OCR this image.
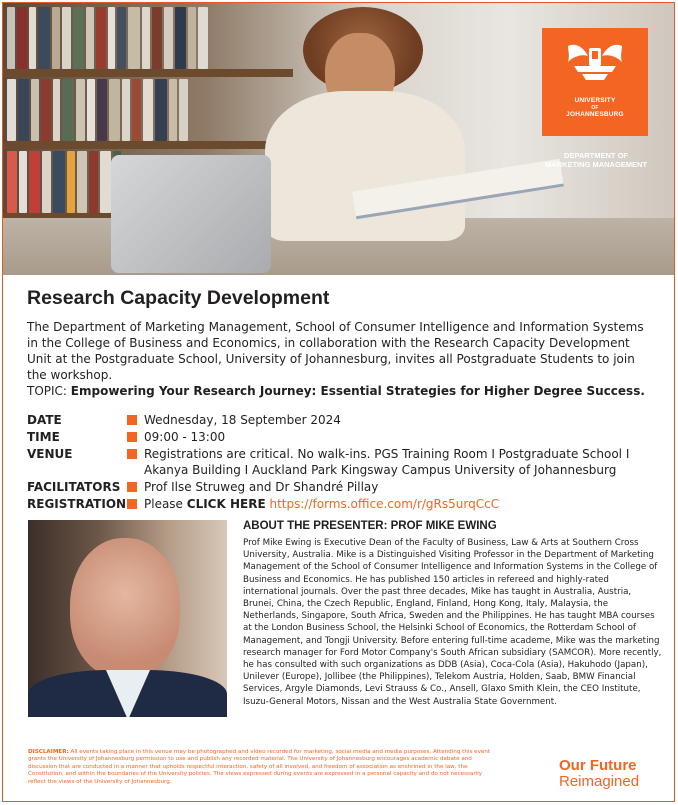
UNIVERSITY
OF
JOHANNESBURG
DEPARTMENT OF
MARKETING MANAGEMENT
Research Capacity Development

The Department of Marketing Management, School of Consumer Intelligence and Information Systems in the College of Business and Economics, in collaboration with the Research Capacity Development Unit at the Postgraduate School, University of Johannesburg, invites all Postgraduate Students to join the workshop.

TOPIC: Empowering Your Research Journey: Essential Strategies for Higher Degree Success.

DATE	Wednesday, 18 September 2024
TIME	09:00 - 13:00
VENUE	Registrations are critical. No walk-ins. PGS Training Room I Postgraduate School I Akanya Building I Auckland Park Kingsway Campus University of Johannesburg
FACILITATORS	Prof Ilse Struweg and Dr Shandré Pillay
REGISTRATION Please CLICK HERE https://forms.office.com/r/gRs5urqCcC
ABOUT THE PRESENTER: PROF MIKE EWING
Prof Mike Ewing is Executive Dean of the Faculty of Business, Law & Arts at Southern Cross University, Australia. Mike is a Distinguished Visiting Professor in the Department of Marketing Management of the School of Consumer Intelligence and Information Systems in the College of Business and Economics. He has published 150 articles in refereed and highly-rated international journals. Over the past three decades, Mike has taught in Australia, Austria, Brunei, China, the Czech Republic, England, Finland, Hong Kong, Italy, Malaysia, the Netherlands, Singapore, South Africa, Sweden and the Philippines. He has taught MBA courses at the London Business School, the Helsinki School of Economics, the Rotterdam School of Management, and Tongji University. Before entering full-time academe, Mike was the marketing research manager for Ford Motor Company's South African subsidiary (SAMCOR). More recently, he has consulted with such organizations as DDB (Asia), Coca-Cola (Asia), Hakuhodo (Japan), Unilever (Europe), Jollibee (the Philippines), Telekom Austria, Holden, Saab, BMW Financial Services, Argyle Diamonds, Levi Strauss & Co., Ansell, Glaxo Smith Klein, the CEO Institute, Isuzu-General Motors, Nissan and the West Australia State Government.
DISCLAIMER: All events taking place in this venue may be photographed and video recorded for marketing, social media and media purposes. Attending this event grants the University of Johannesburg permission to use and publish any recorded material. The University of Johannesburg encourages academic debate and discussion that are conducted in a manner that upholds respectful interaction, safety of all involved, and freedom of association as enshrined in the law, the Constitution, and within the boundaries of the University policies. The views expressed during events are expressed in a personal capacity and do not necessarily reflect the views of the University of Johannesburg.
Our Future
Reimagined
